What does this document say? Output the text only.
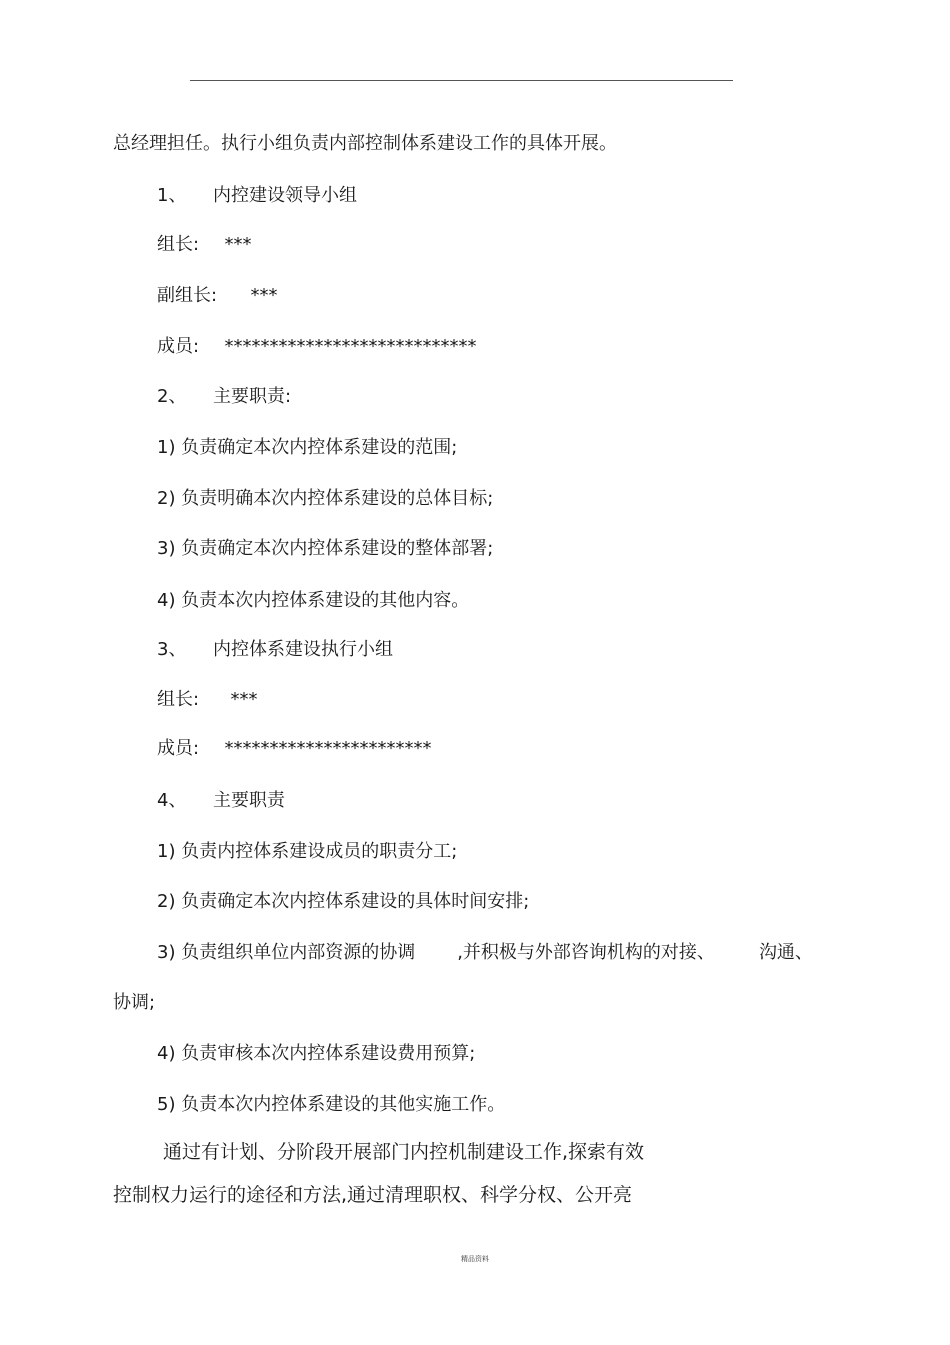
总经理担任。执行小组负责内部控制体系建设工作的具体开展。
1、 内控建设领导小组
组长: ***
副组长: ***
成员: ****************************
2、 主要职责:
1) 负责确定本次内控体系建设的范围;
2) 负责明确本次内控体系建设的总体目标;
3) 负责确定本次内控体系建设的整体部署;
4) 负责本次内控体系建设的其他内容。
3、 内控体系建设执行小组
组长: ***
成员: ***********************
4、 主要职责
1) 负责内控体系建设成员的职责分工;
2) 负责确定本次内控体系建设的具体时间安排;
3) 负责组织单位内部资源的协调 ,并积极与外部咨询机构的对接、 沟通、
协调;
4) 负责审核本次内控体系建设费用预算;
5) 负责本次内控体系建设的其他实施工作。
通过有计划、分阶段开展部门内控机制建设工作,探索有效
控制权力运行的途径和方法,通过清理职权、科学分权、公开亮
精品资料
